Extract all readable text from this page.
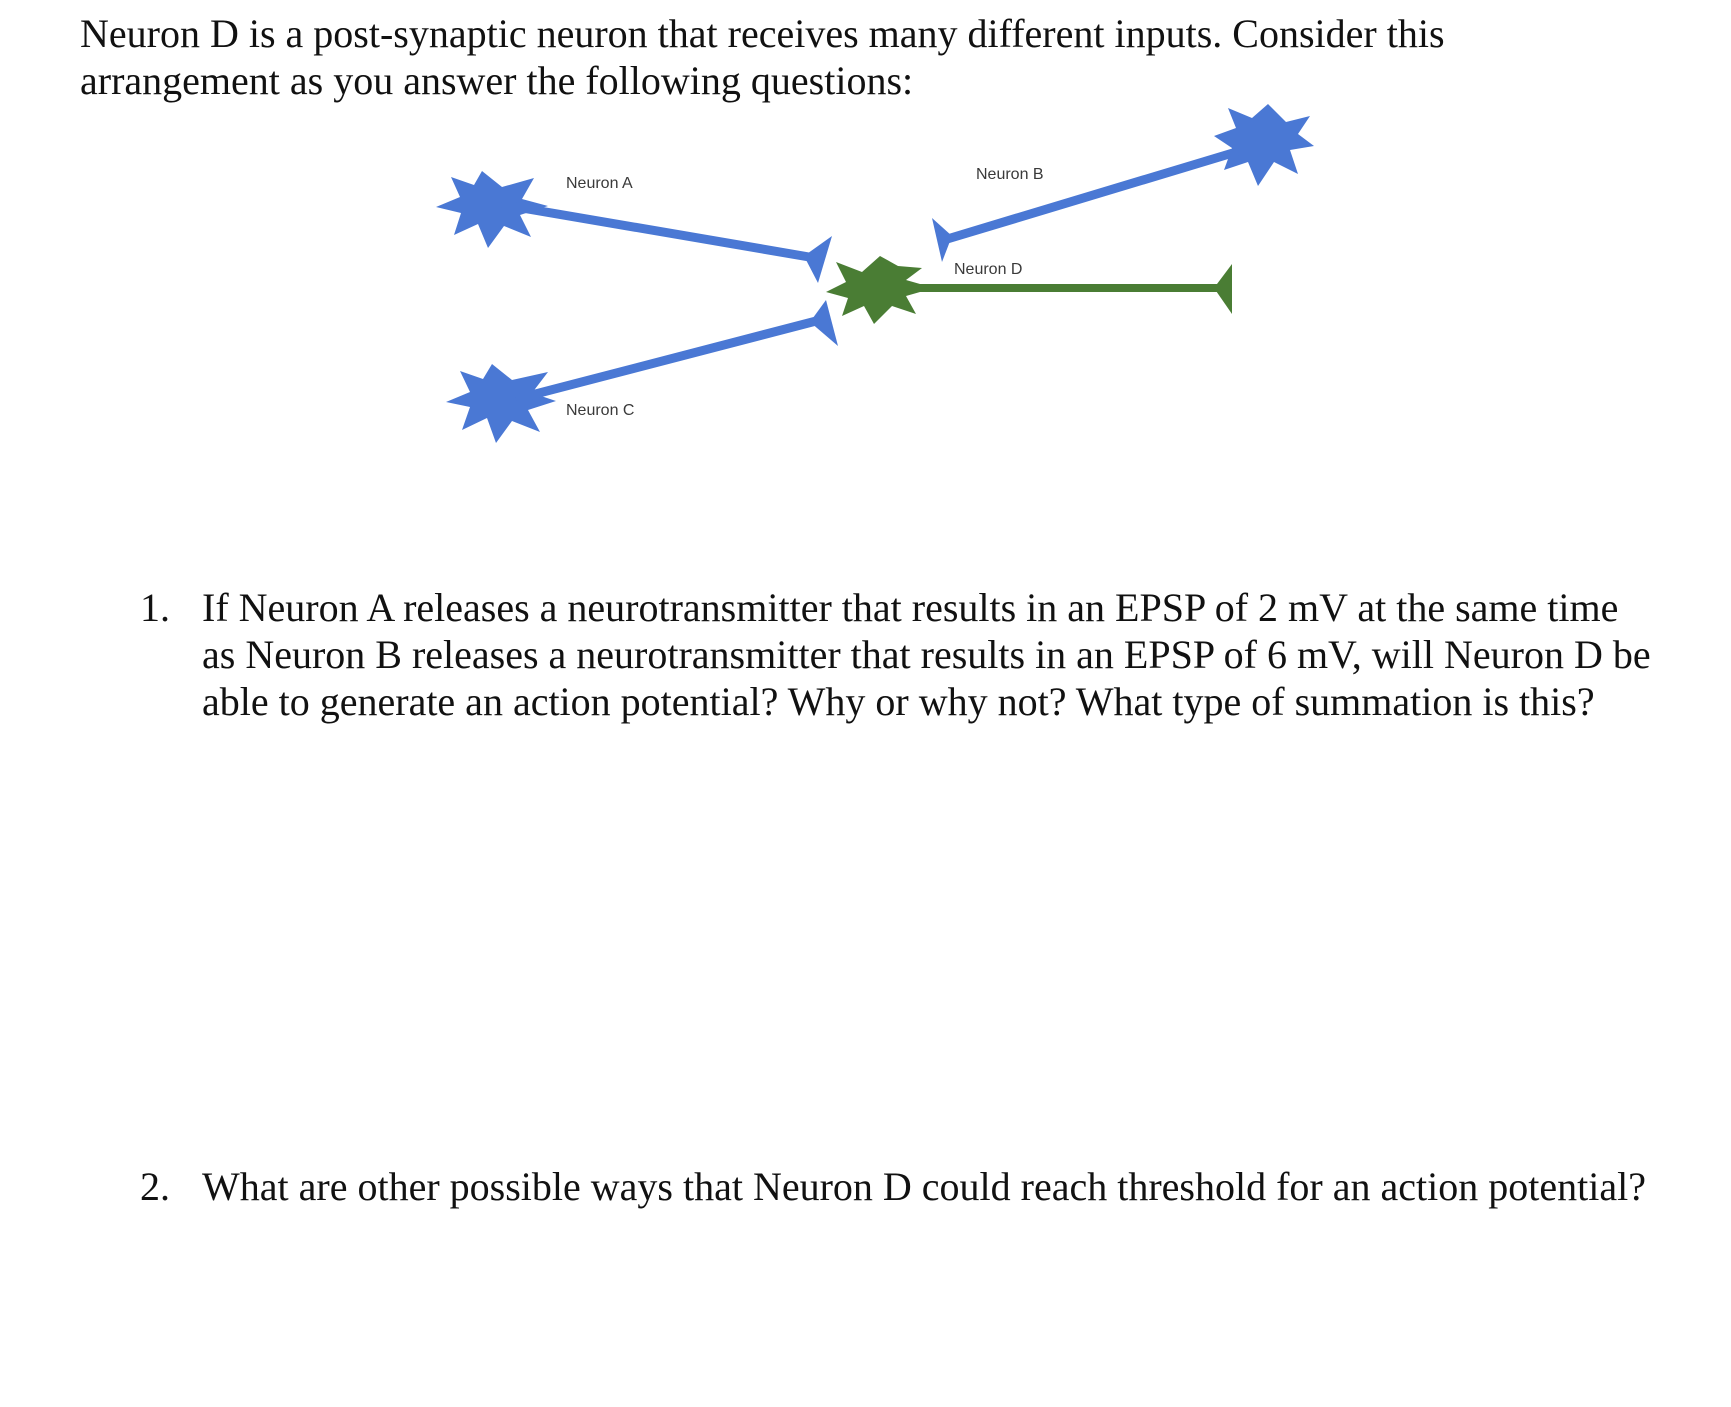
Neuron D is a post-synaptic neuron that receives many different inputs. Consider this arrangement as you answer the following questions:

Neuron A
Neuron C
Neuron B
Neuron D
1. If Neuron A releases a neurotransmitter that results in an EPSP of 2 mV at the same time as Neuron B releases a neurotransmitter that results in an EPSP of 6 mV, will Neuron D be able to generate an action potential? Why or why not? What type of summation is this?
2. What are other possible ways that Neuron D could reach threshold for an action potential?
